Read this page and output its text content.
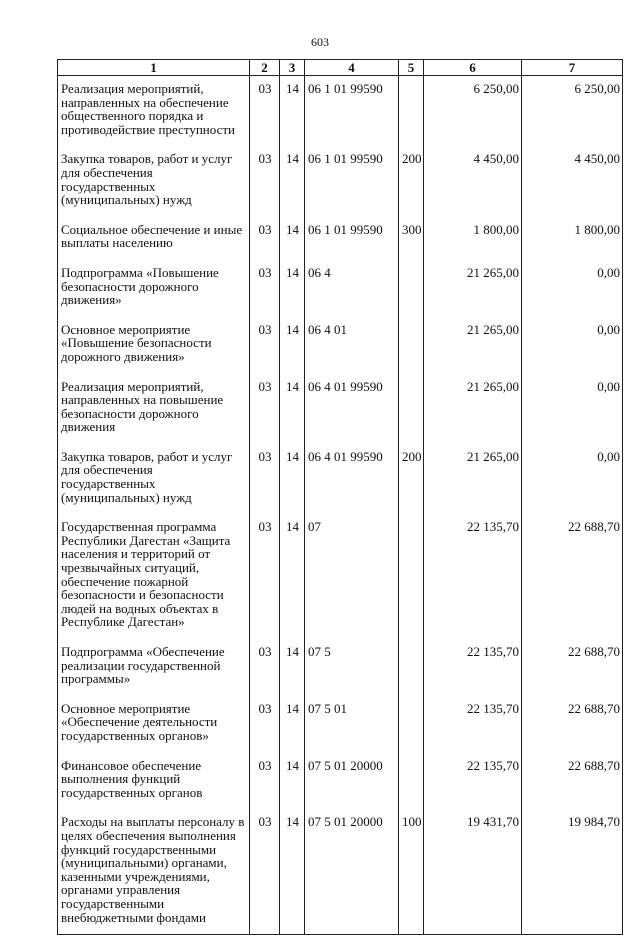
603
1	2	3	4	5	6	7
Реализация мероприятий, направленных на обеспечение общественного порядка и противодействие преступности	03	14	06 1 01 99590		6 250,00	6 250,00
Закупка товаров, работ и услуг для обеспечения государственных (муниципальных) нужд	03	14	06 1 01 99590	200	4 450,00	4 450,00
Социальное обеспечение и иные выплаты населению	03	14	06 1 01 99590	300	1 800,00	1 800,00
Подпрограмма «Повышение безопасности дорожного движения»	03	14	06 4		21 265,00	0,00
Основное мероприятие «Повышение безопасности дорожного движения»	03	14	06 4 01		21 265,00	0,00
Реализация мероприятий, направленных на повышение безопасности дорожного движения	03	14	06 4 01 99590		21 265,00	0,00
Закупка товаров, работ и услуг для обеспечения государственных (муниципальных) нужд	03	14	06 4 01 99590	200	21 265,00	0,00
Государственная программа Республики Дагестан «Защита населения и территорий от чрезвычайных ситуаций, обеспечение пожарной безопасности и безопасности людей на водных объектах в Республике Дагестан»	03	14	07		22 135,70	22 688,70
Подпрограмма «Обеспечение реализации государственной программы»	03	14	07 5		22 135,70	22 688,70
Основное мероприятие «Обеспечение деятельности государственных органов»	03	14	07 5 01		22 135,70	22 688,70
Финансовое обеспечение выполнения функций государственных органов	03	14	07 5 01 20000		22 135,70	22 688,70
Расходы на выплаты персоналу в целях обеспечения выполнения функций государственными (муниципальными) органами, казенными учреждениями, органами управления государственными внебюджетными фондами	03	14	07 5 01 20000	100	19 431,70	19 984,70
